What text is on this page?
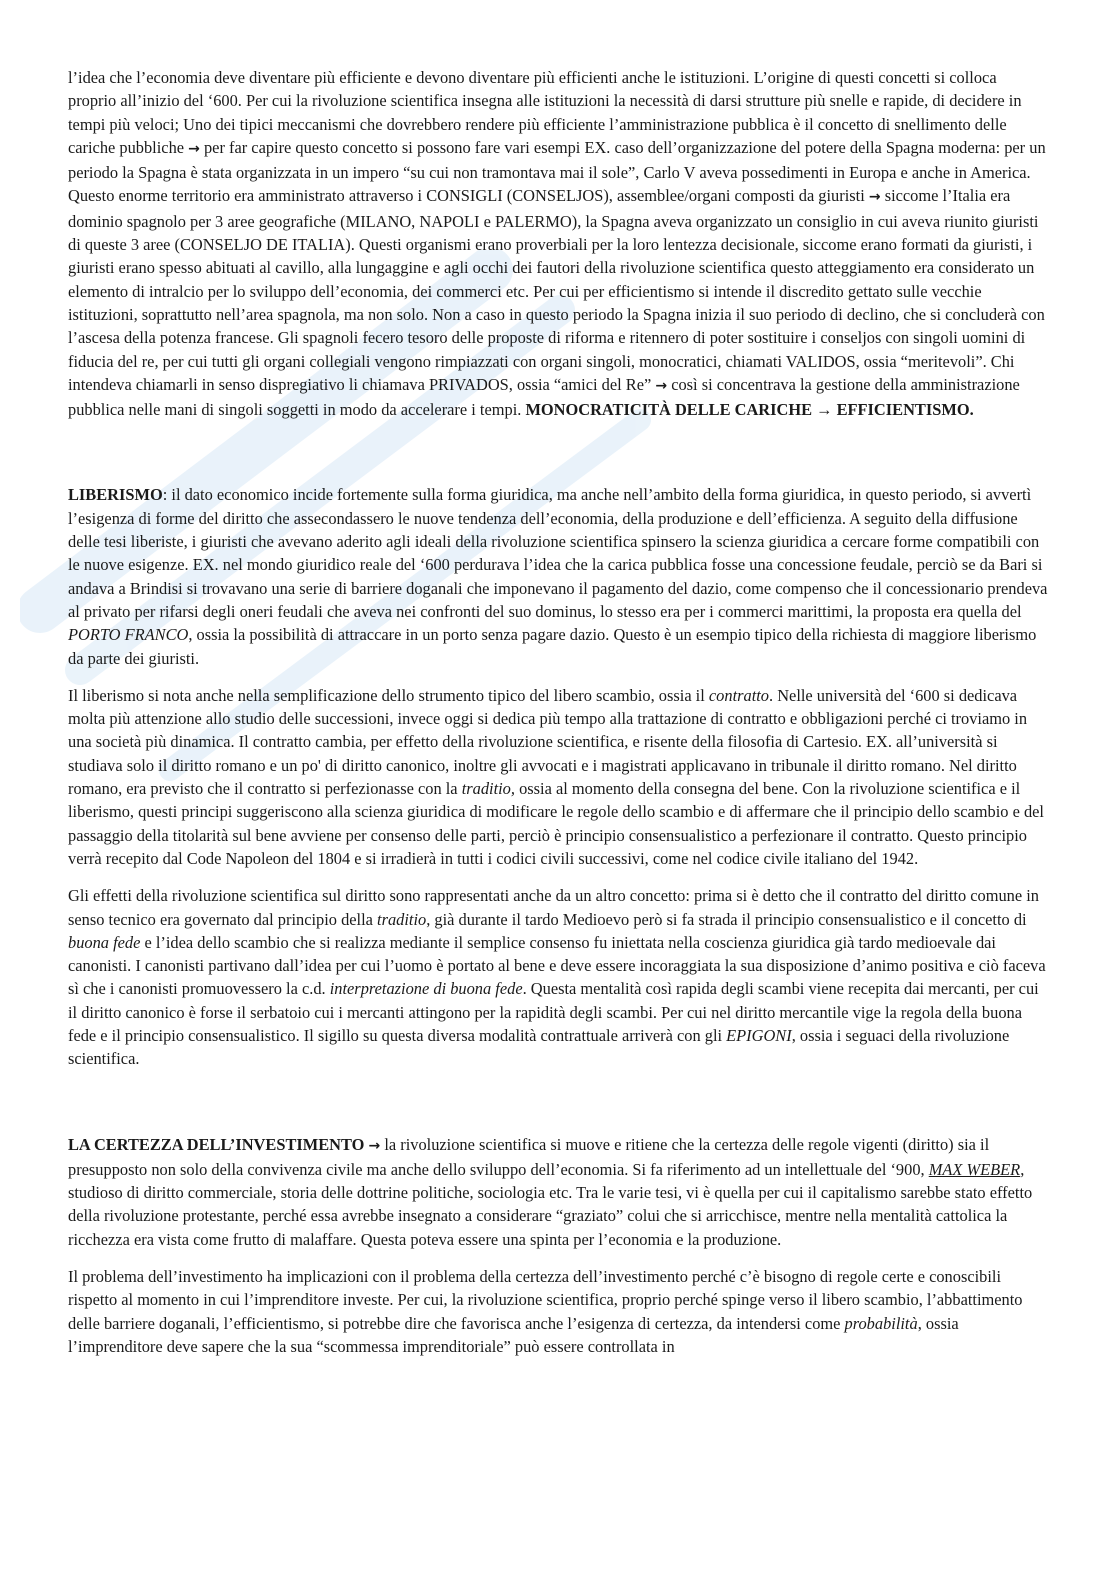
l’idea che l’economia deve diventare più efficiente e devono diventare più efficienti anche le istituzioni. L’origine di questi concetti si colloca proprio all’inizio del ‘600. Per cui la rivoluzione scientifica insegna alle istituzioni la necessità di darsi strutture più snelle e rapide, di decidere in tempi più veloci; Uno dei tipici meccanismi che dovrebbero rendere più efficiente l’amministrazione pubblica è il concetto di snellimento delle cariche pubbliche → per far capire questo concetto si possono fare vari esempi EX. caso dell’organizzazione del potere della Spagna moderna: per un periodo la Spagna è stata organizzata in un impero “su cui non tramontava mai il sole”, Carlo V aveva possedimenti in Europa e anche in America. Questo enorme territorio era amministrato attraverso i CONSIGLI (CONSELJOS), assemblee/organi composti da giuristi → siccome l’Italia era dominio spagnolo per 3 aree geografiche (MILANO, NAPOLI e PALERMO), la Spagna aveva organizzato un consiglio in cui aveva riunito giuristi di queste 3 aree (CONSELJO DE ITALIA). Questi organismi erano proverbiali per la loro lentezza decisionale, siccome erano formati da giuristi, i giuristi erano spesso abituati al cavillo, alla lungaggine e agli occhi dei fautori della rivoluzione scientifica questo atteggiamento era considerato un elemento di intralcio per lo sviluppo dell’economia, dei commerci etc. Per cui per efficientismo si intende il discredito gettato sulle vecchie istituzioni, soprattutto nell’area spagnola, ma non solo. Non a caso in questo periodo la Spagna inizia il suo periodo di declino, che si concluderà con l’ascesa della potenza francese. Gli spagnoli fecero tesoro delle proposte di riforma e ritennero di poter sostituire i conseljos con singoli uomini di fiducia del re, per cui tutti gli organi collegiali vengono rimpiazzati con organi singoli, monocratici, chiamati VALIDOS, ossia “meritevoli”. Chi intendeva chiamarli in senso dispregiativo li chiamava PRIVADOS, ossia “amici del Re” → così si concentrava la gestione della amministrazione pubblica nelle mani di singoli soggetti in modo da accelerare i tempi. MONOCRATICITÀ DELLE CARICHE → EFFICIENTISMO.

LIBERISMO: il dato economico incide fortemente sulla forma giuridica, ma anche nell’ambito della forma giuridica, in questo periodo, si avvertì l’esigenza di forme del diritto che assecondassero le nuove tendenza dell’economia, della produzione e dell’efficienza. A seguito della diffusione delle tesi liberiste, i giuristi che avevano aderito agli ideali della rivoluzione scientifica spinsero la scienza giuridica a cercare forme compatibili con le nuove esigenze. EX. nel mondo giuridico reale del ‘600 perdurava l’idea che la carica pubblica fosse una concessione feudale, perciò se da Bari si andava a Brindisi si trovavano una serie di barriere doganali che imponevano il pagamento del dazio, come compenso che il concessionario prendeva al privato per rifarsi degli oneri feudali che aveva nei confronti del suo dominus, lo stesso era per i commerci marittimi, la proposta era quella del PORTO FRANCO, ossia la possibilità di attraccare in un porto senza pagare dazio. Questo è un esempio tipico della richiesta di maggiore liberismo da parte dei giuristi.

Il liberismo si nota anche nella semplificazione dello strumento tipico del libero scambio, ossia il contratto. Nelle università del ‘600 si dedicava molta più attenzione allo studio delle successioni, invece oggi si dedica più tempo alla trattazione di contratto e obbligazioni perché ci troviamo in una società più dinamica. Il contratto cambia, per effetto della rivoluzione scientifica, e risente della filosofia di Cartesio. EX. all’università si studiava solo il diritto romano e un po' di diritto canonico, inoltre gli avvocati e i magistrati applicavano in tribunale il diritto romano. Nel diritto romano, era previsto che il contratto si perfezionasse con la traditio, ossia al momento della consegna del bene. Con la rivoluzione scientifica e il liberismo, questi principi suggeriscono alla scienza giuridica di modificare le regole dello scambio e di affermare che il principio dello scambio e del passaggio della titolarità sul bene avviene per consenso delle parti, perciò è principio consensualistico a perfezionare il contratto. Questo principio verrà recepito dal Code Napoleon del 1804 e si irradierà in tutti i codici civili successivi, come nel codice civile italiano del 1942.

Gli effetti della rivoluzione scientifica sul diritto sono rappresentati anche da un altro concetto: prima si è detto che il contratto del diritto comune in senso tecnico era governato dal principio della traditio, già durante il tardo Medioevo però si fa strada il principio consensualistico e il concetto di buona fede e l’idea dello scambio che si realizza mediante il semplice consenso fu iniettata nella coscienza giuridica già tardo medioevale dai canonisti. I canonisti partivano dall’idea per cui l’uomo è portato al bene e deve essere incoraggiata la sua disposizione d’animo positiva e ciò faceva sì che i canonisti promuovessero la c.d. interpretazione di buona fede. Questa mentalità così rapida degli scambi viene recepita dai mercanti, per cui il diritto canonico è forse il serbatoio cui i mercanti attingono per la rapidità degli scambi. Per cui nel diritto mercantile vige la regola della buona fede e il principio consensualistico. Il sigillo su questa diversa modalità contrattuale arriverà con gli EPIGONI, ossia i seguaci della rivoluzione scientifica.

LA CERTEZZA DELL’INVESTIMENTO → la rivoluzione scientifica si muove e ritiene che la certezza delle regole vigenti (diritto) sia il presupposto non solo della convivenza civile ma anche dello sviluppo dell’economia. Si fa riferimento ad un intellettuale del ‘900, MAX WEBER, studioso di diritto commerciale, storia delle dottrine politiche, sociologia etc. Tra le varie tesi, vi è quella per cui il capitalismo sarebbe stato effetto della rivoluzione protestante, perché essa avrebbe insegnato a considerare “graziato” colui che si arricchisce, mentre nella mentalità cattolica la ricchezza era vista come frutto di malaffare. Questa poteva essere una spinta per l’economia e la produzione.

Il problema dell’investimento ha implicazioni con il problema della certezza dell’investimento perché c’è bisogno di regole certe e conoscibili rispetto al momento in cui l’imprenditore investe. Per cui, la rivoluzione scientifica, proprio perché spinge verso il libero scambio, l’abbattimento delle barriere doganali, l’efficientismo, si potrebbe dire che favorisca anche l’esigenza di certezza, da intendersi come probabilità, ossia l’imprenditore deve sapere che la sua “scommessa imprenditoriale” può essere controllata in
